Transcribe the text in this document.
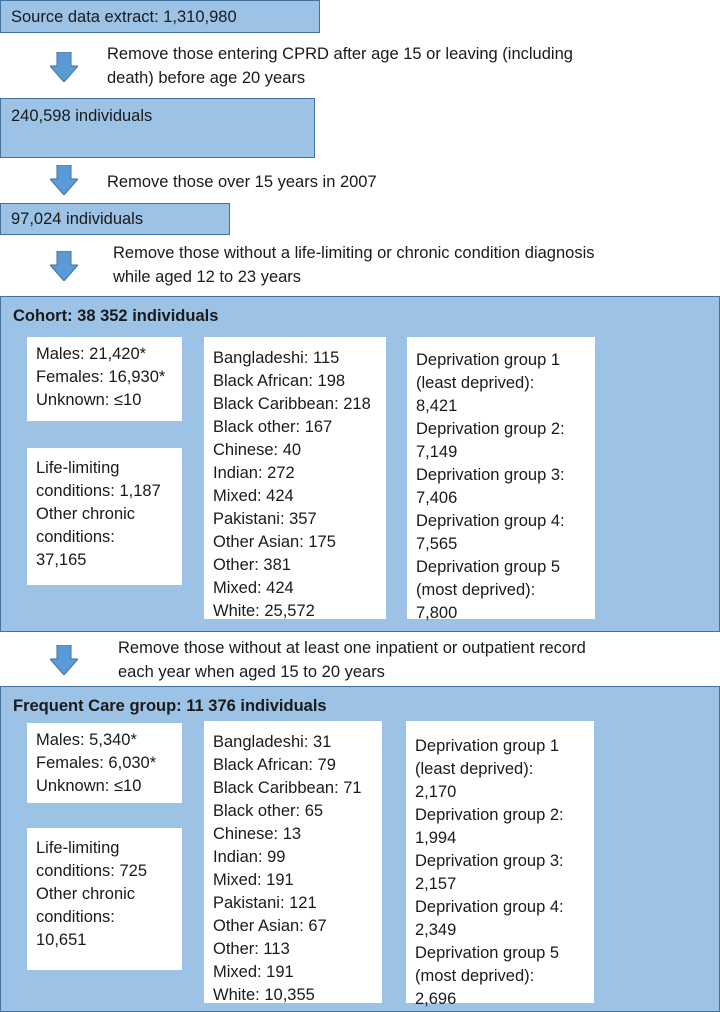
Source data extract: 1,310,980
Remove those entering CPRD after age 15 or leaving (including
death) before age 20 years
240,598 individuals
Remove those over 15 years in 2007
97,024 individuals
Remove those without a life-limiting or chronic condition diagnosis
while aged 12 to 23 years
Cohort: 38 352 individuals
Males: 21,420*
Females: 16,930*
Unknown: ≤10
Life-limiting
conditions: 1,187
Other chronic
conditions:
37,165
Bangladeshi: 115
Black African: 198
Black Caribbean: 218
Black other: 167
Chinese: 40
Indian: 272
Mixed: 424
Pakistani: 357
Other Asian: 175
Other: 381
Mixed: 424
White: 25,572
Deprivation group 1
(least deprived):
8,421
Deprivation group 2:
7,149
Deprivation group 3:
7,406
Deprivation group 4:
7,565
Deprivation group 5
(most deprived):
7,800
Remove those without at least one inpatient or outpatient record
each year when aged 15 to 20 years
Frequent Care group: 11 376 individuals
Males: 5,340*
Females: 6,030*
Unknown: ≤10
Life-limiting
conditions: 725
Other chronic
conditions:
10,651
Bangladeshi: 31
Black African: 79
Black Caribbean: 71
Black other: 65
Chinese: 13
Indian: 99
Mixed: 191
Pakistani: 121
Other Asian: 67
Other: 113
Mixed: 191
White: 10,355
Deprivation group 1
(least deprived):
2,170
Deprivation group 2:
1,994
Deprivation group 3:
2,157
Deprivation group 4:
2,349
Deprivation group 5
(most deprived):
2,696
